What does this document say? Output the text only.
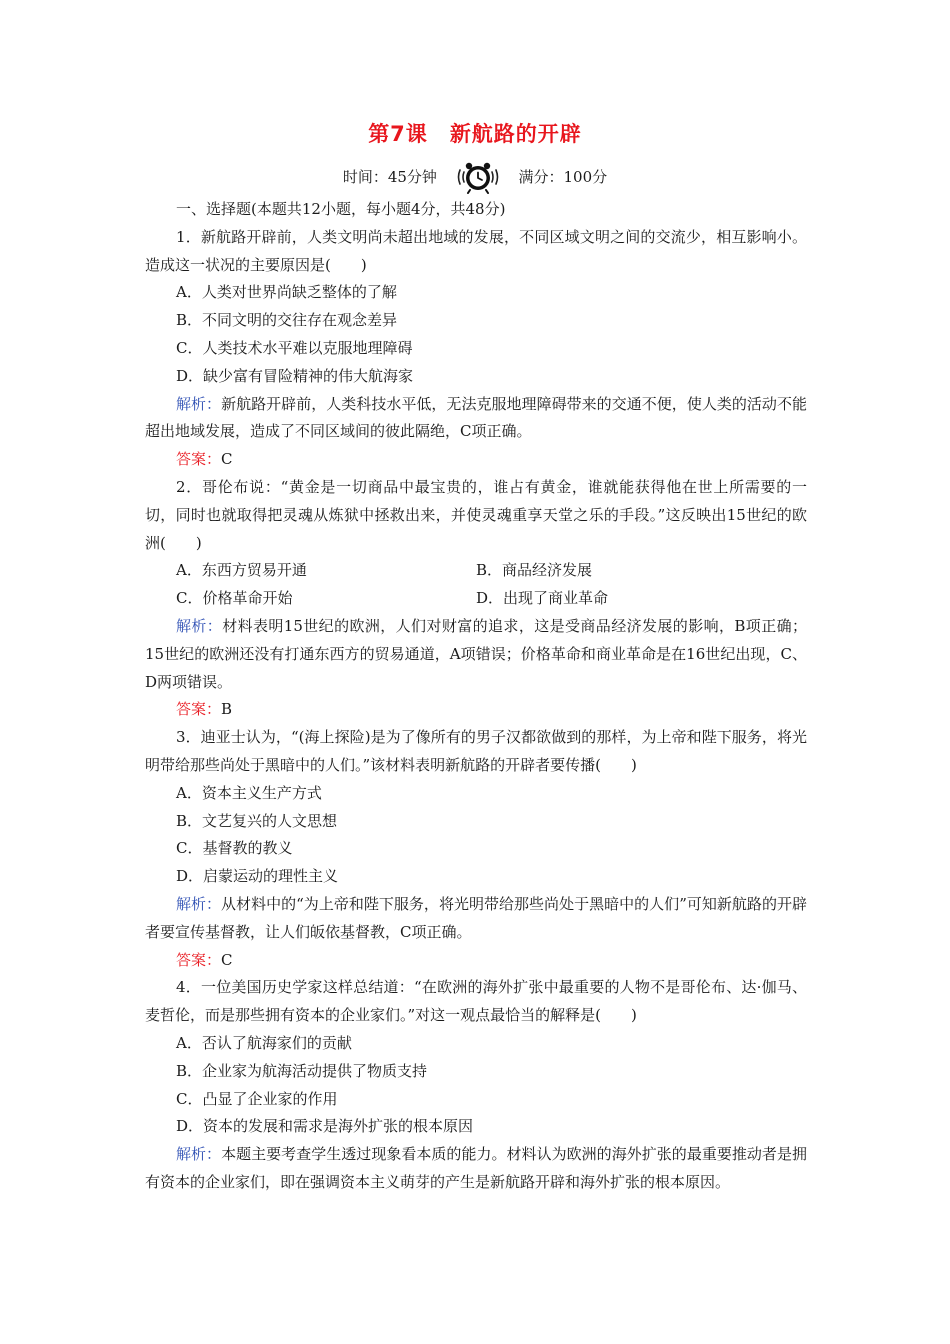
第7课 新航路的开辟
时间：45分钟	满分：100分
一、选择题(本题共12小题，每小题4分，共48分)
1．新航路开辟前，人类文明尚未超出地域的发展，不同区域文明之间的交流少，相互影响小。造成这一状况的主要原因是(　　)
A．人类对世界尚缺乏整体的了解
B．不同文明的交往存在观念差异
C．人类技术水平难以克服地理障碍
D．缺少富有冒险精神的伟大航海家
解析：新航路开辟前，人类科技水平低，无法克服地理障碍带来的交通不便，使人类的活动不能超出地域发展，造成了不同区域间的彼此隔绝，C项正确。
答案：C
2．哥伦布说：“黄金是一切商品中最宝贵的，谁占有黄金，谁就能获得他在世上所需要的一切，同时也就取得把灵魂从炼狱中拯救出来，并使灵魂重享天堂之乐的手段。”这反映出15世纪的欧洲(　　)
A．东西方贸易开通	B．商品经济发展
C．价格革命开始	D．出现了商业革命
解析：材料表明15世纪的欧洲，人们对财富的追求，这是受商品经济发展的影响，B项正确；15世纪的欧洲还没有打通东西方的贸易通道，A项错误；价格革命和商业革命是在16世纪出现，C、D两项错误。
答案：B
3．迪亚士认为，“(海上探险)是为了像所有的男子汉都欲做到的那样，为上帝和陛下服务，将光明带给那些尚处于黑暗中的人们。”该材料表明新航路的开辟者要传播(　　)
A．资本主义生产方式
B．文艺复兴的人文思想
C．基督教的教义
D．启蒙运动的理性主义
解析：从材料中的“为上帝和陛下服务，将光明带给那些尚处于黑暗中的人们”可知新航路的开辟者要宣传基督教，让人们皈依基督教，C项正确。
答案：C
4．一位美国历史学家这样总结道：“在欧洲的海外扩张中最重要的人物不是哥伦布、达·伽马、麦哲伦，而是那些拥有资本的企业家们。”对这一观点最恰当的解释是(　　)
A．否认了航海家们的贡献
B．企业家为航海活动提供了物质支持
C．凸显了企业家的作用
D．资本的发展和需求是海外扩张的根本原因
解析：本题主要考查学生透过现象看本质的能力。材料认为欧洲的海外扩张的最重要推动者是拥有资本的企业家们，即在强调资本主义萌芽的产生是新航路开辟和海外扩张的根本原因。
